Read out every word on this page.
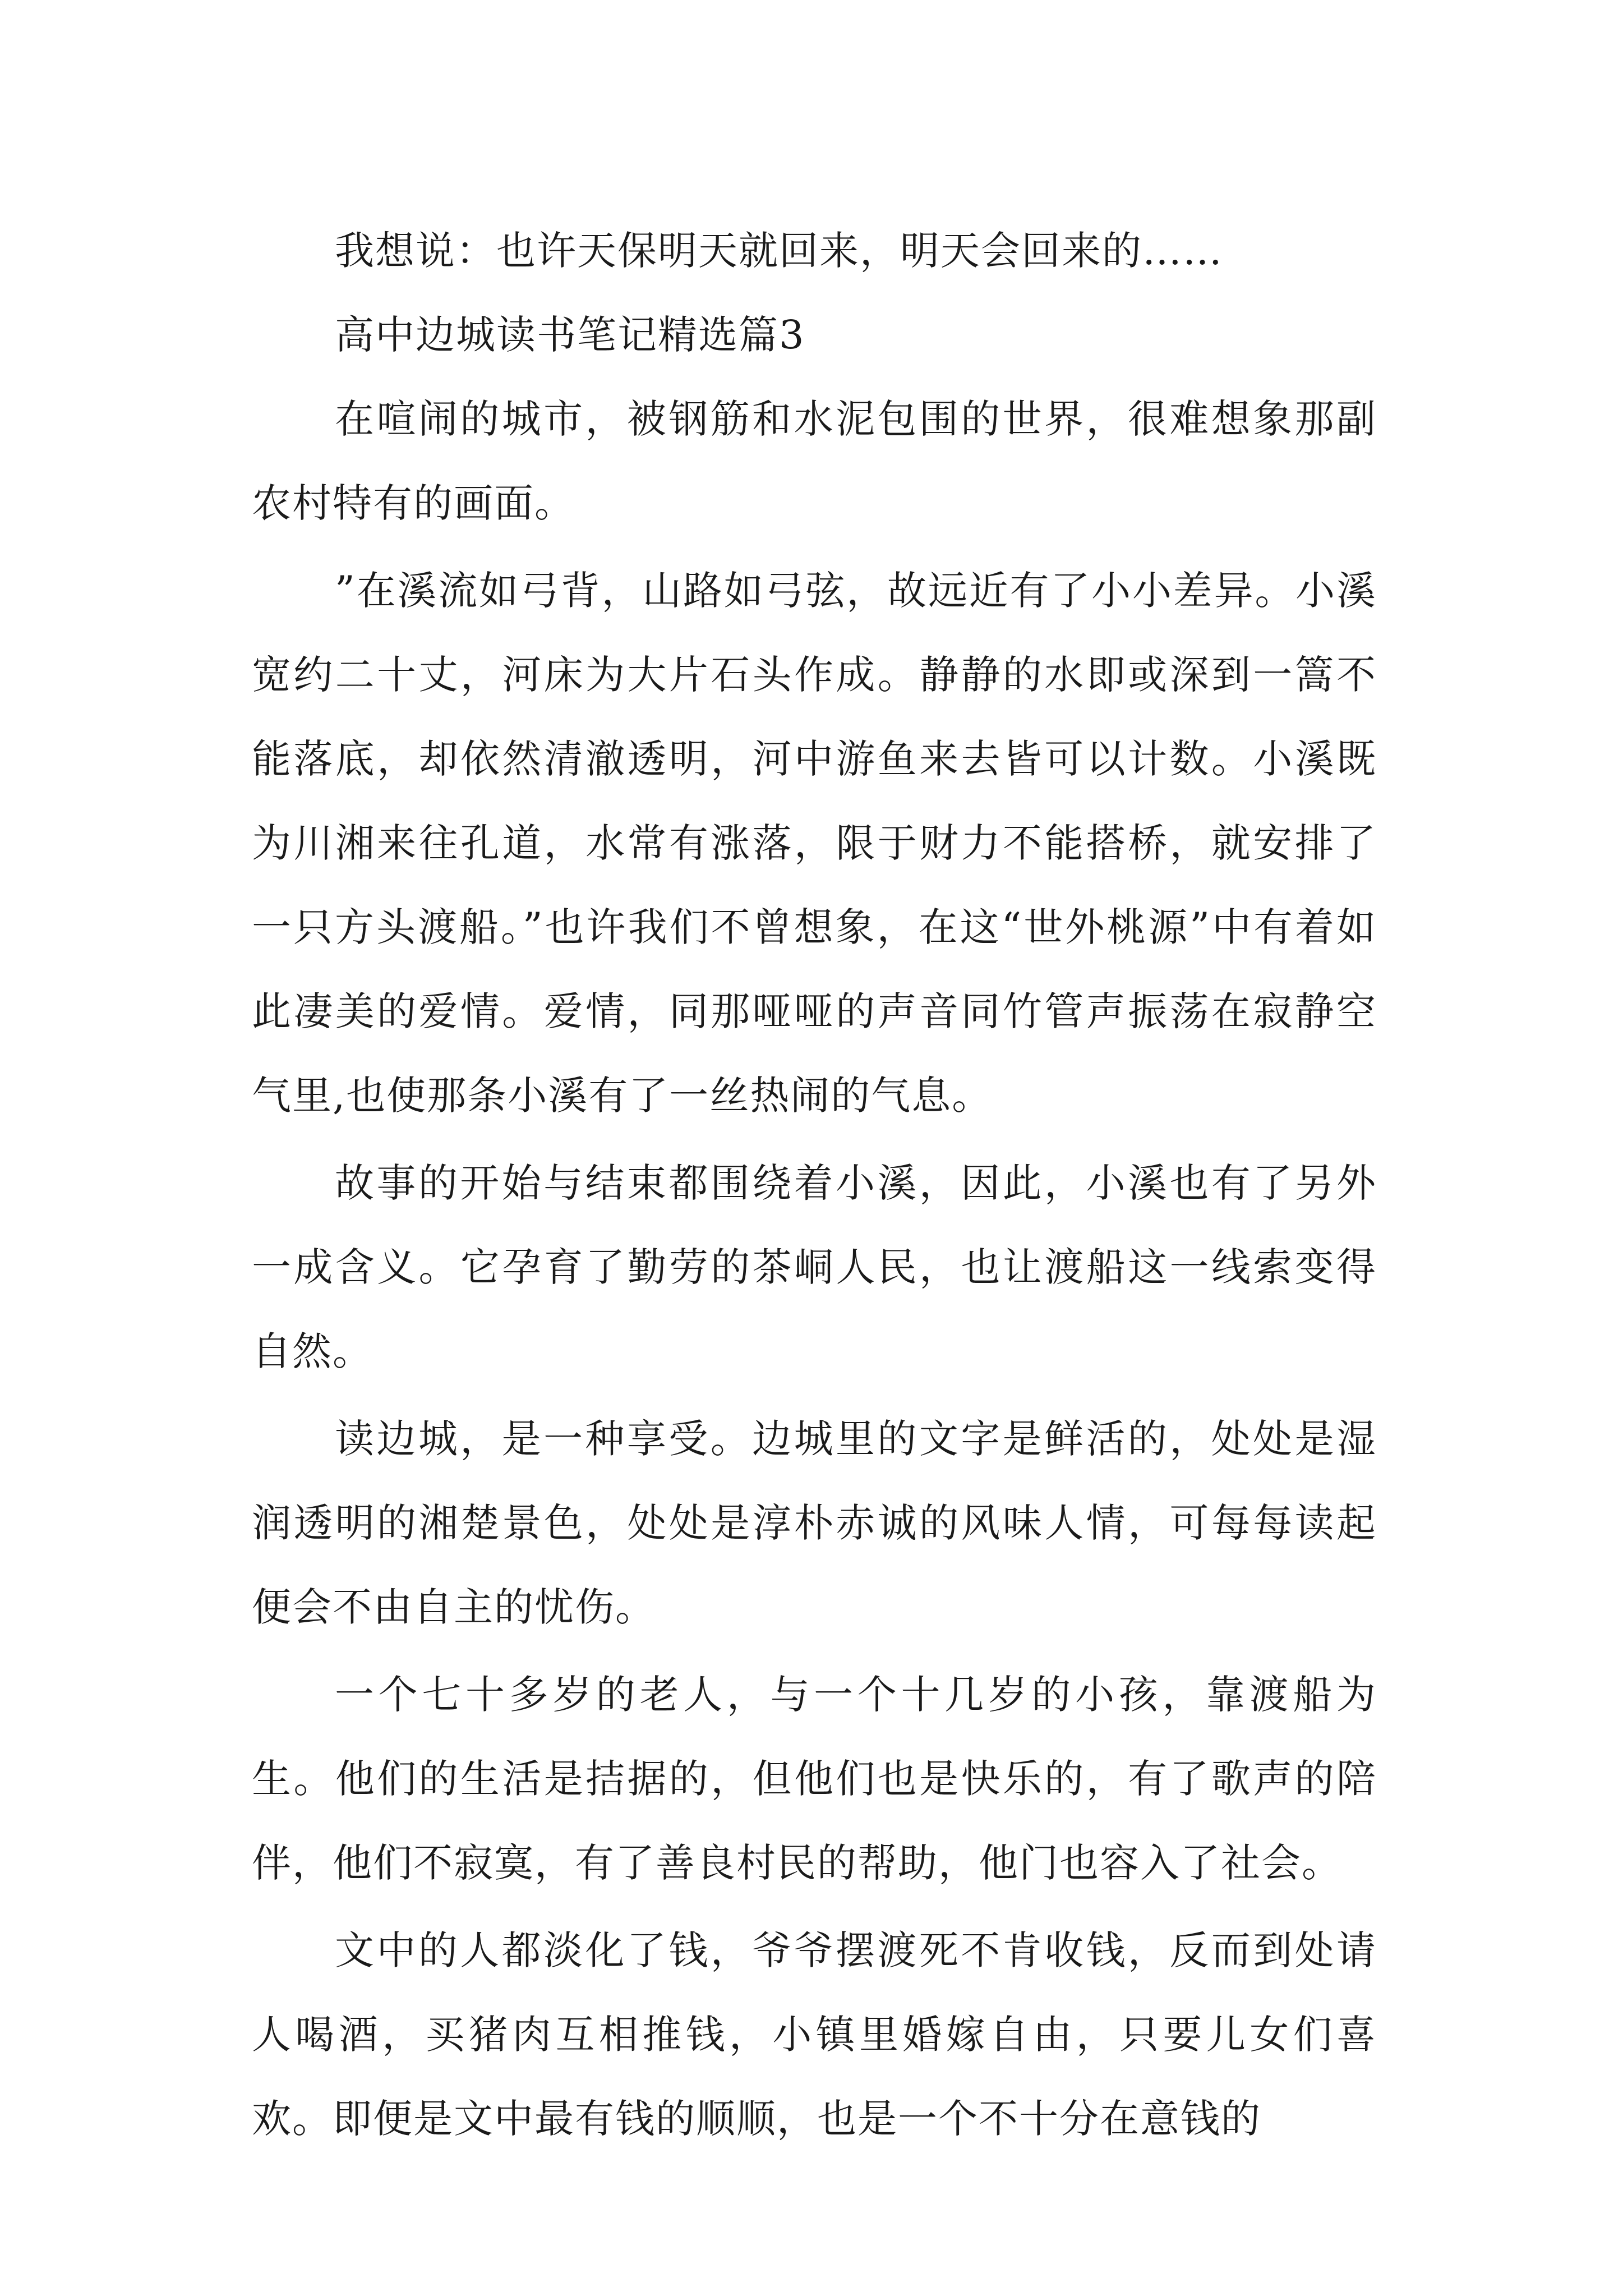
我想说：也许天保明天就回来，明天会回来的……

高中边城读书笔记精选篇3

在喧闹的城市，被钢筋和水泥包围的世界，很难想象那副农村特有的画面。

”在溪流如弓背，山路如弓弦，故远近有了小小差异。小溪宽约二十丈，河床为大片石头作成。静静的水即或深到一篙不能落底，却依然清澈透明，河中游鱼来去皆可以计数。小溪既为川湘来往孔道，水常有涨落，限于财力不能搭桥，就安排了一只方头渡船。”也许我们不曾想象，在这“世外桃源”中有着如此凄美的爱情。爱情，同那哑哑的声音同竹管声振荡在寂静空气里,也使那条小溪有了一丝热闹的气息。

故事的开始与结束都围绕着小溪，因此，小溪也有了另外一成含义。它孕育了勤劳的茶峒人民，也让渡船这一线索变得自然。

读边城，是一种享受。边城里的文字是鲜活的，处处是湿润透明的湘楚景色，处处是淳朴赤诚的风味人情，可每每读起便会不由自主的忧伤。

一个七十多岁的老人，与一个十几岁的小孩，靠渡船为生。他们的生活是拮据的，但他们也是快乐的，有了歌声的陪伴，他们不寂寞，有了善良村民的帮助，他门也容入了社会。

文中的人都淡化了钱，爷爷摆渡死不肯收钱，反而到处请人喝酒，买猪肉互相推钱，小镇里婚嫁自由，只要儿女们喜欢。即便是文中最有钱的顺顺，也是一个不十分在意钱的
